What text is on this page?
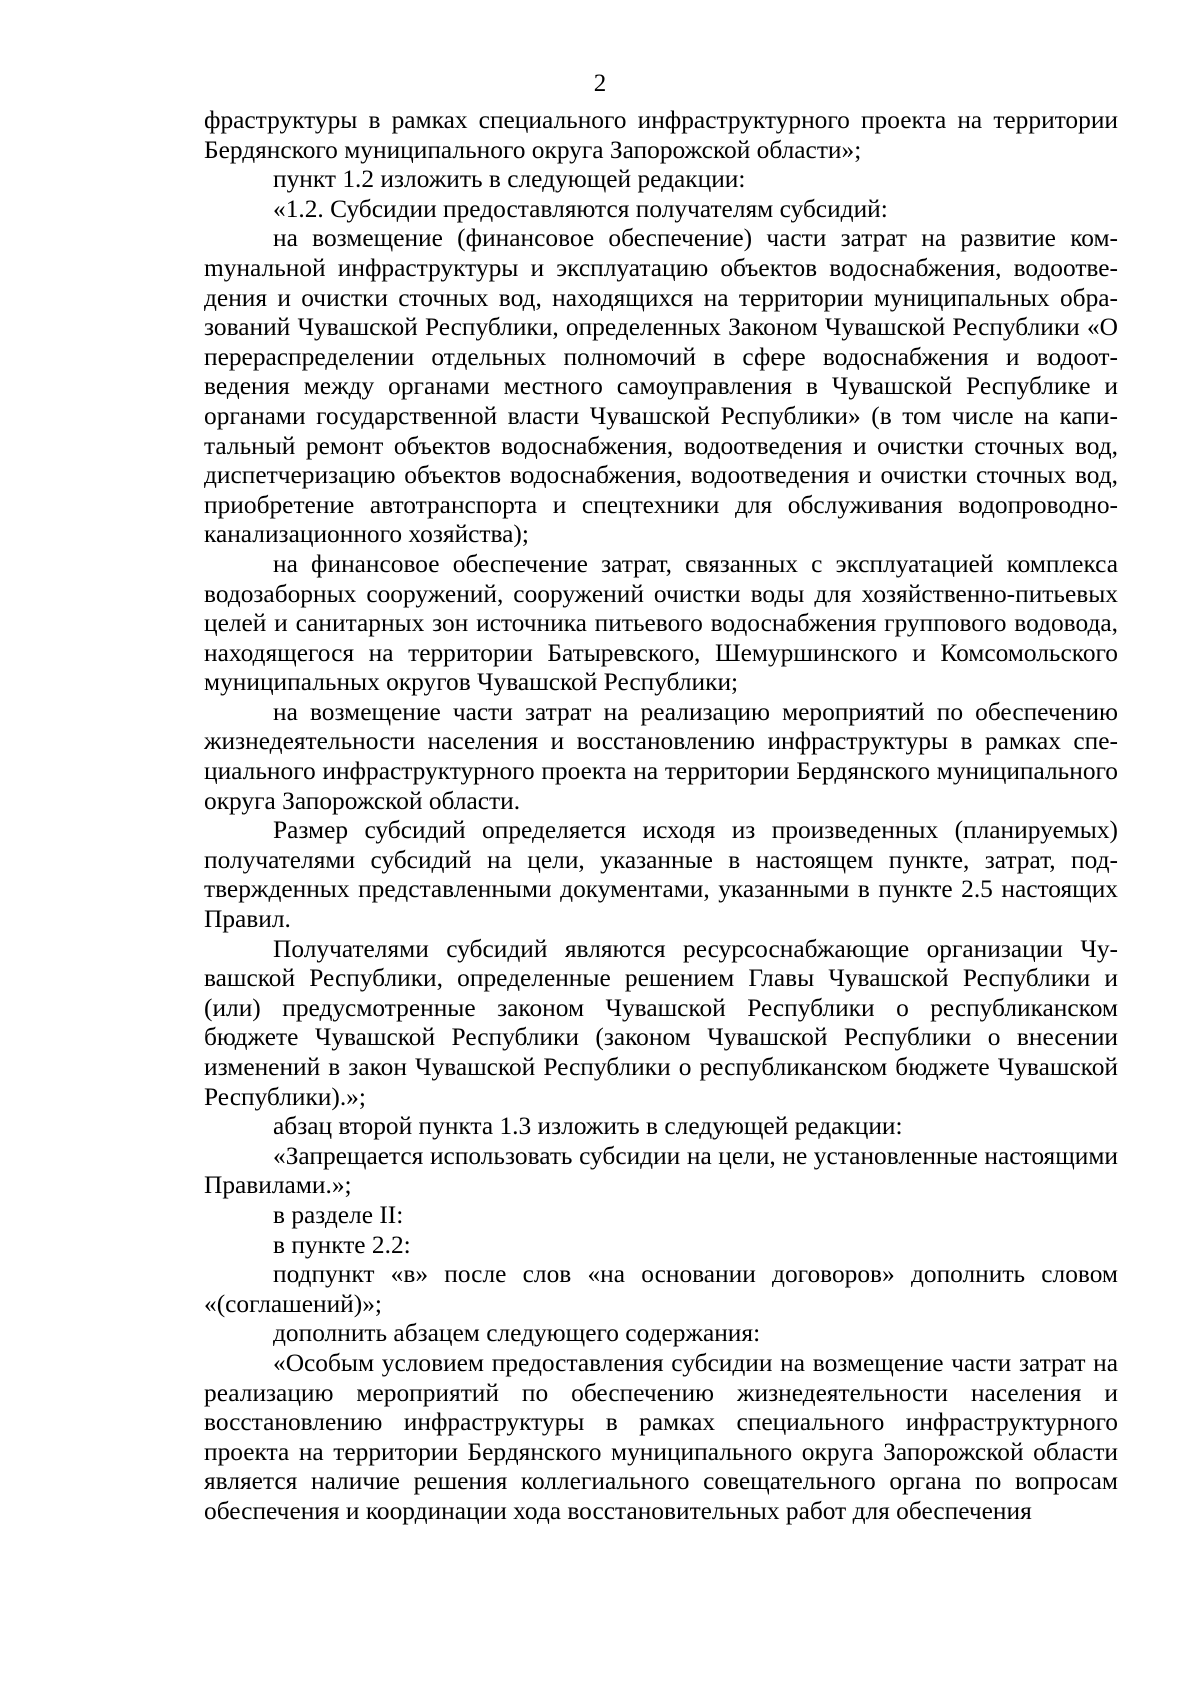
2

фраструктуры в рамках специального инфраструктурного проекта на территории Бердянского муниципального округа Запорожской области»;

пункт 1.2 изложить в следующей редакции:

«1.2. Субсидии предоставляются получателям субсидий:

на возмещение (финансовое обеспечение) части затрат на развитие комmунальной инфраструктуры и эксплуатацию объектов водоснабжения, водоотведения и очистки сточных вод, находящихся на территории муниципальных образований Чувашской Республики, определенных Законом Чувашской Республики «О перераспределении отдельных полномочий в сфере водоснабжения и водоотведения между органами местного самоуправления в Чувашской Республике и органами государственной власти Чувашской Республики» (в том числе на капитальный ремонт объектов водоснабжения, водоотведения и очистки сточных вод, диспетчеризацию объектов водоснабжения, водоотведения и очистки сточных вод, приобретение автотранспорта и спецтехники для обслуживания водопроводно-канализационного хозяйства);

на финансовое обеспечение затрат, связанных с эксплуатацией комплекса водозаборных сооружений, сооружений очистки воды для хозяйственно-питьевых целей и санитарных зон источника питьевого водоснабжения группового водовода, находящегося на территории Батыревского, Шемуршинского и Комсомольского муниципальных округов Чувашской Республики;

на возмещение части затрат на реализацию мероприятий по обеспечению жизнедеятельности населения и восстановлению инфраструктуры в рамках специального инфраструктурного проекта на территории Бердянского муниципального округа Запорожской области.

Размер субсидий определяется исходя из произведенных (планируемых) получателями субсидий на цели, указанные в настоящем пункте, затрат, подтвержденных представленными документами, указанными в пункте 2.5 настоящих Правил.

Получателями субсидий являются ресурсоснабжающие организации Чувашской Республики, определенные решением Главы Чувашской Республики и (или) предусмотренные законом Чувашской Республики о республиканском бюджете Чувашской Республики (законом Чувашской Республики о внесении изменений в закон Чувашской Республики о республиканском бюджете Чувашской Республики).»;

абзац второй пункта 1.3 изложить в следующей редакции:

«Запрещается использовать субсидии на цели, не установленные настоящими Правилами.»;

в разделе II:

в пункте 2.2:

подпункт «в» после слов «на основании договоров» дополнить словом «(соглашений)»;

дополнить абзацем следующего содержания:

«Особым условием предоставления субсидии на возмещение части затрат на реализацию мероприятий по обеспечению жизнедеятельности населения и восстановлению инфраструктуры в рамках специального инфраструктурного проекта на территории Бердянского муниципального округа Запорожской области является наличие решения коллегиального совещательного органа по вопросам обеспечения и координации хода восстановительных работ для обеспечения
